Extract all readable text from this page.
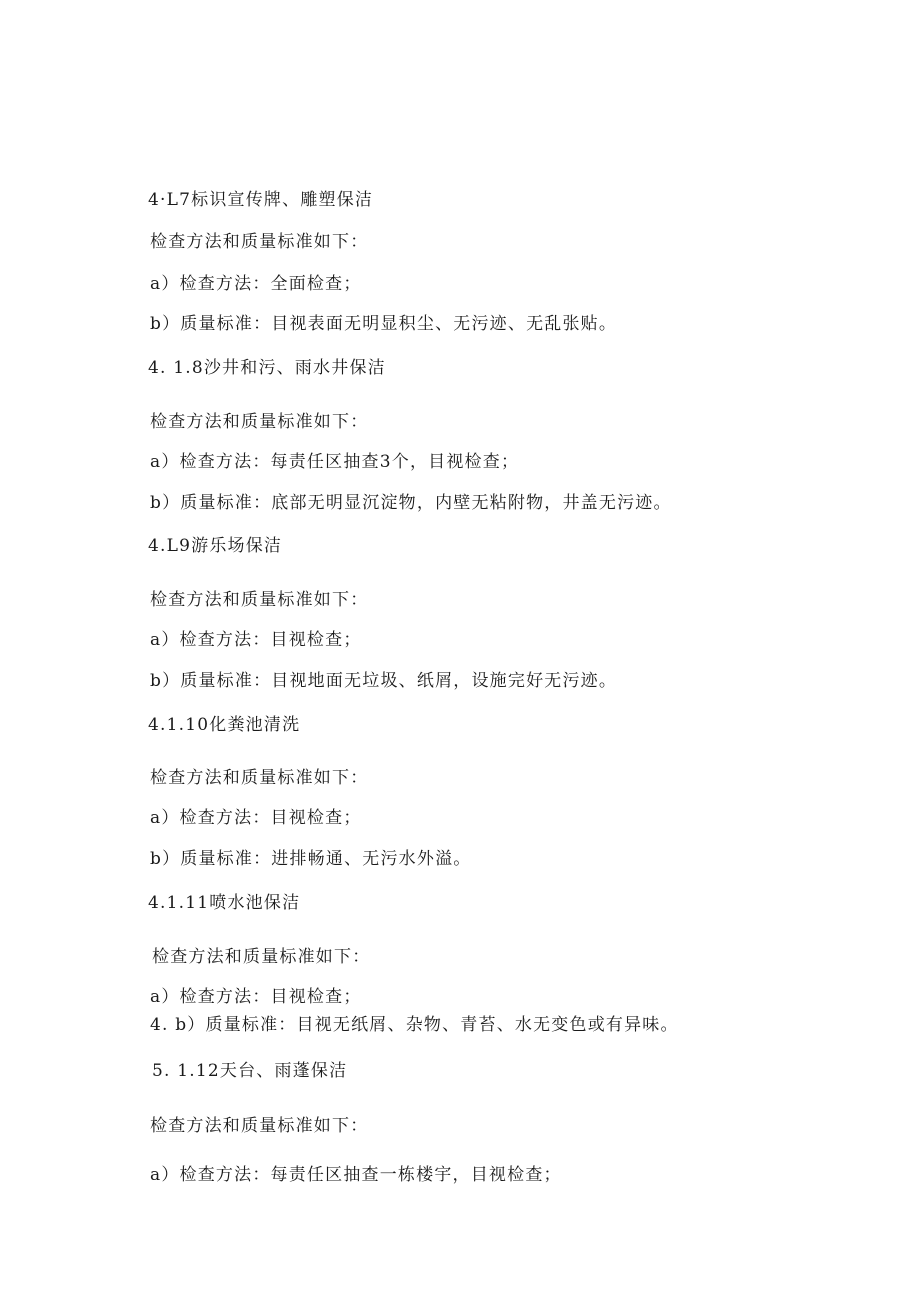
4·L7标识宣传牌、雕塑保洁

检查方法和质量标准如下：

a）检查方法：全面检查；

b）质量标准：目视表面无明显积尘、无污迹、无乱张贴。

4. 1.8沙井和污、雨水井保洁

检查方法和质量标准如下：

a）检查方法：每责任区抽查3个，目视检查；

b）质量标准：底部无明显沉淀物，内壁无粘附物，井盖无污迹。

4.L9游乐场保洁

检查方法和质量标准如下：

a）检查方法：目视检查；

b）质量标准：目视地面无垃圾、纸屑，设施完好无污迹。

4.1.10化粪池清洗

检查方法和质量标准如下：

a）检查方法：目视检查；

b）质量标准：进排畅通、无污水外溢。

4.1.11喷水池保洁

检查方法和质量标准如下：

a）检查方法：目视检查；

4. b）质量标准：目视无纸屑、杂物、青苔、水无变色或有异味。

5. 1.12天台、雨蓬保洁

检查方法和质量标准如下：

a）检查方法：每责任区抽查一栋楼宇，目视检查；
